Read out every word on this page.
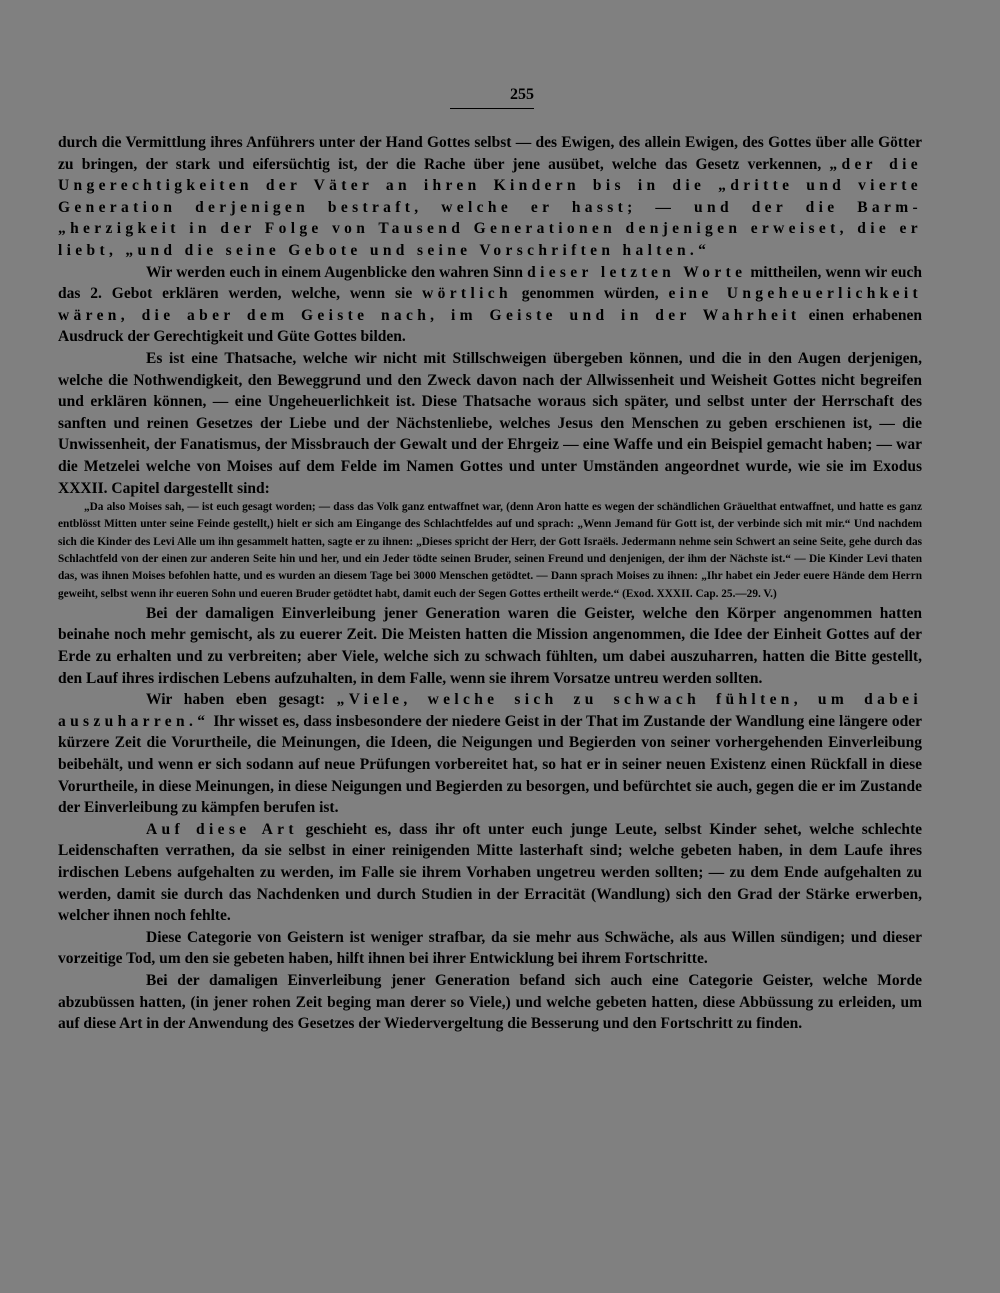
255

durch die Vermittlung ihres Anführers unter der Hand Gottes selbst — des Ewigen, des allein Ewigen, des Gottes über alle Götter zu bringen, der stark und eifersüchtig ist, der die Rache über jene ausübet, welche das Gesetz verkennen, „der die Ungerechtigkeiten der Väter an ihren Kindern bis in die „dritte und vierte Generation derjenigen bestraft, welche er hasst; — und der die Barm- „herzigkeit in der Folge von Tausend Generationen denjenigen erweiset, die er liebt, „und die seine Gebote und seine Vorschriften halten.“

Wir werden euch in einem Augenblicke den wahren Sinn dieser letzten Worte mittheilen, wenn wir euch das 2. Gebot erklären werden, welche, wenn sie wörtlich genommen würden, eine Ungeheuerlichkeit wären, die aber dem Geiste nach, im Geiste und in der Wahrheit einen erhabenen Ausdruck der Gerechtigkeit und Güte Gottes bilden.

Es ist eine Thatsache, welche wir nicht mit Stillschweigen übergeben können, und die in den Augen derjenigen, welche die Nothwendigkeit, den Beweggrund und den Zweck davon nach der Allwissenheit und Weisheit Gottes nicht begreifen und erklären können, — eine Ungeheuerlichkeit ist. Diese Thatsache woraus sich später, und selbst unter der Herrschaft des sanften und reinen Gesetzes der Liebe und der Nächstenliebe, welches Jesus den Menschen zu geben erschienen ist, — die Unwissenheit, der Fanatismus, der Missbrauch der Gewalt und der Ehrgeiz — eine Waffe und ein Beispiel gemacht haben; — war die Metzelei welche von Moises auf dem Felde im Namen Gottes und unter Umständen angeordnet wurde, wie sie im Exodus XXXII. Capitel dargestellt sind:

„Da also Moises sah, — ist euch gesagt worden; — dass das Volk ganz entwaffnet war, (denn Aron hatte es wegen der schändlichen Gräuelthat entwaffnet, und hatte es ganz entblösst Mitten unter seine Feinde gestellt,) hielt er sich am Eingange des Schlachtfeldes auf und sprach: „Wenn Jemand für Gott ist, der verbinde sich mit mir.“ Und nachdem sich die Kinder des Levi Alle um ihn gesammelt hatten, sagte er zu ihnen: „Dieses spricht der Herr, der Gott Israëls. Jedermann nehme sein Schwert an seine Seite, gehe durch das Schlachtfeld von der einen zur anderen Seite hin und her, und ein Jeder tödte seinen Bruder, seinen Freund und denjenigen, der ihm der Nächste ist.“ — Die Kinder Levi thaten das, was ihnen Moises befohlen hatte, und es wurden an diesem Tage bei 3000 Menschen getödtet. — Dann sprach Moises zu ihnen: „Ihr habet ein Jeder euere Hände dem Herrn geweiht, selbst wenn ihr eueren Sohn und eueren Bruder getödtet habt, damit euch der Segen Gottes ertheilt werde.“ (Exod. XXXII. Cap. 25.—29. V.)

Bei der damaligen Einverleibung jener Generation waren die Geister, welche den Körper angenommen hatten beinahe noch mehr gemischt, als zu euerer Zeit. Die Meisten hatten die Mission angenommen, die Idee der Einheit Gottes auf der Erde zu erhalten und zu verbreiten; aber Viele, welche sich zu schwach fühlten, um dabei auszuharren, hatten die Bitte gestellt, den Lauf ihres irdischen Lebens aufzuhalten, in dem Falle, wenn sie ihrem Vorsatze untreu werden sollten.

Wir haben eben gesagt: „Viele, welche sich zu schwach fühlten, um dabei auszuharren.“ Ihr wisset es, dass insbesondere der niedere Geist in der That im Zustande der Wandlung eine längere oder kürzere Zeit die Vorurtheile, die Meinungen, die Ideen, die Neigungen und Begierden von seiner vorhergehenden Einverleibung beibehält, und wenn er sich sodann auf neue Prüfungen vorbereitet hat, so hat er in seiner neuen Existenz einen Rückfall in diese Vorurtheile, in diese Meinungen, in diese Neigungen und Begierden zu besorgen, und befürchtet sie auch, gegen die er im Zustande der Einverleibung zu kämpfen berufen ist.

Auf diese Art geschieht es, dass ihr oft unter euch junge Leute, selbst Kinder sehet, welche schlechte Leidenschaften verrathen, da sie selbst in einer reinigenden Mitte lasterhaft sind; welche gebeten haben, in dem Laufe ihres irdischen Lebens aufgehalten zu werden, im Falle sie ihrem Vorhaben ungetreu werden sollten; — zu dem Ende aufgehalten zu werden, damit sie durch das Nachdenken und durch Studien in der Erracität (Wandlung) sich den Grad der Stärke erwerben, welcher ihnen noch fehlte.

Diese Categorie von Geistern ist weniger strafbar, da sie mehr aus Schwäche, als aus Willen sündigen; und dieser vorzeitige Tod, um den sie gebeten haben, hilft ihnen bei ihrer Entwicklung bei ihrem Fortschritte.

Bei der damaligen Einverleibung jener Generation befand sich auch eine Categorie Geister, welche Morde abzubüssen hatten, (in jener rohen Zeit beging man derer so Viele,) und welche gebeten hatten, diese Abbüssung zu erleiden, um auf diese Art in der Anwendung des Gesetzes der Wiedervergeltung die Besserung und den Fortschritt zu finden.
